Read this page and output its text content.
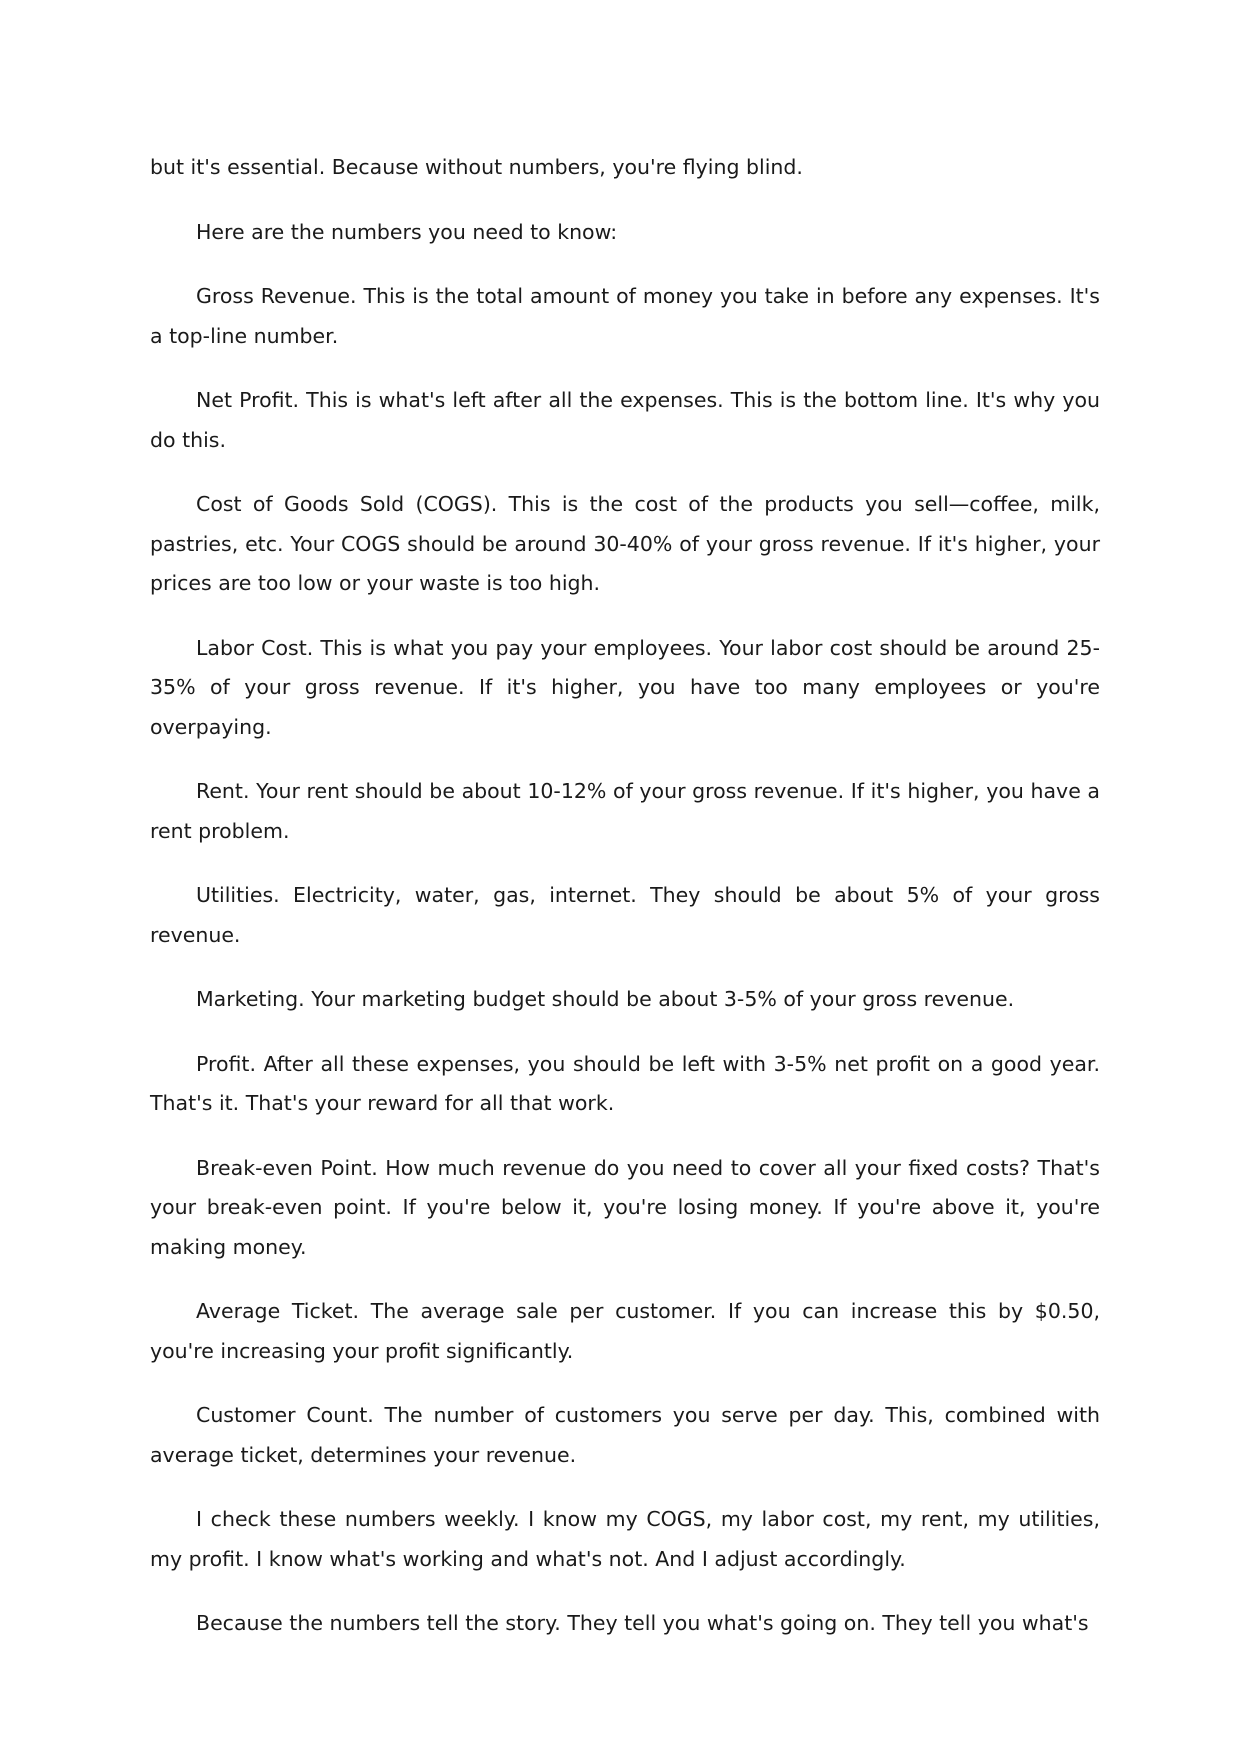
but it's essential. Because without numbers, you're flying blind.

Here are the numbers you need to know:

Gross Revenue. This is the total amount of money you take in before any expenses. It's a top-line number.

Net Profit. This is what's left after all the expenses. This is the bottom line. It's why you do this.

Cost of Goods Sold (COGS). This is the cost of the products you sell—coffee, milk, pastries, etc. Your COGS should be around 30-40% of your gross revenue. If it's higher, your prices are too low or your waste is too high.

Labor Cost. This is what you pay your employees. Your labor cost should be around 25-35% of your gross revenue. If it's higher, you have too many employees or you're overpaying.

Rent. Your rent should be about 10-12% of your gross revenue. If it's higher, you have a rent problem.

Utilities. Electricity, water, gas, internet. They should be about 5% of your gross revenue.

Marketing. Your marketing budget should be about 3-5% of your gross revenue.

Profit. After all these expenses, you should be left with 3-5% net profit on a good year. That's it. That's your reward for all that work.

Break-even Point. How much revenue do you need to cover all your fixed costs? That's your break-even point. If you're below it, you're losing money. If you're above it, you're making money.

Average Ticket. The average sale per customer. If you can increase this by $0.50, you're increasing your profit significantly.

Customer Count. The number of customers you serve per day. This, combined with average ticket, determines your revenue.

I check these numbers weekly. I know my COGS, my labor cost, my rent, my utilities, my profit. I know what's working and what's not. And I adjust accordingly.

Because the numbers tell the story. They tell you what's going on. They tell you what's
